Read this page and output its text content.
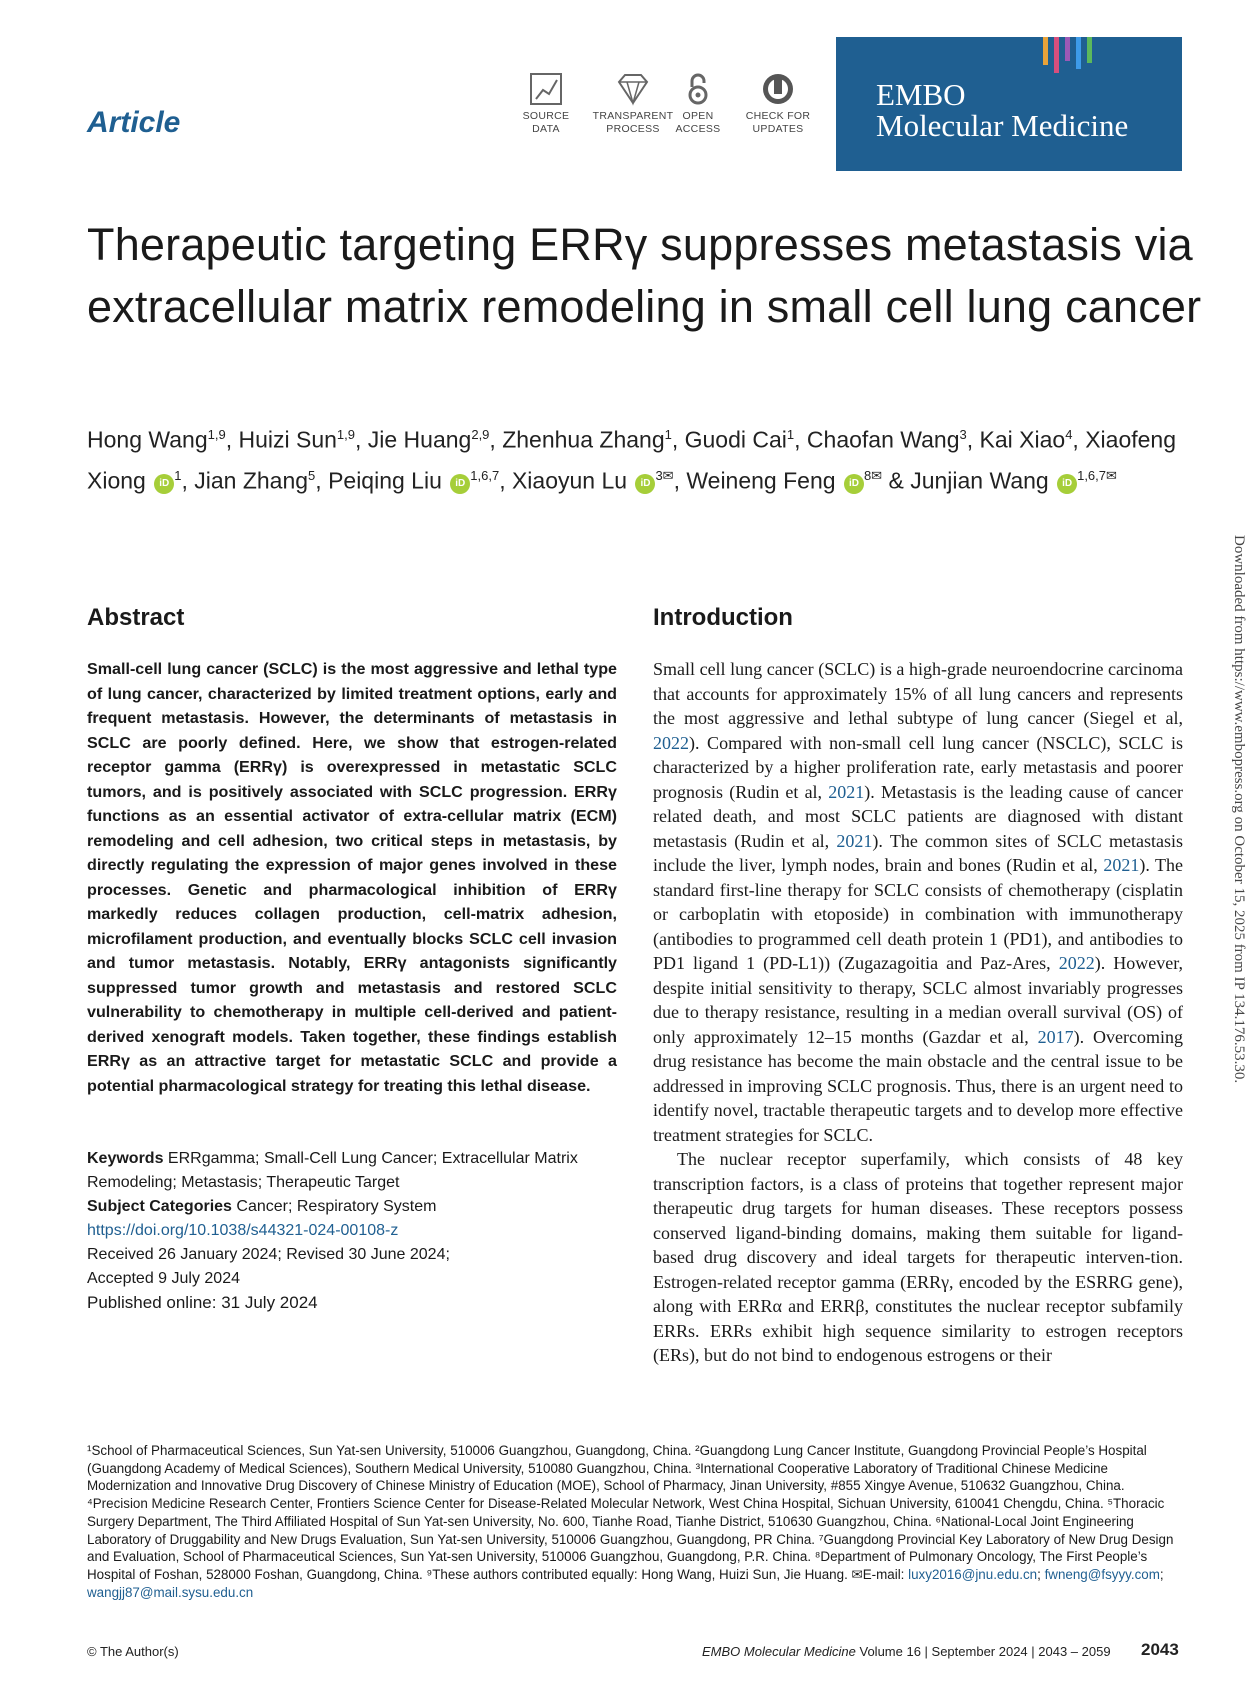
Article	SOURCE
DATA
TRANSPARENT
PROCESS
OPEN
ACCESS
CHECK FOR
UPDATES
EMBO
Molecular Medicine
Therapeutic targeting ERRγ suppresses metastasis via extracellular matrix remodeling in small cell lung cancer
Hong Wang$^{1,9}$, Huizi Sun$^{1,9}$, Jie Huang$^{2,9}$, Zhenhua Zhang$^1$, Guodi Cai$^1$, Chaofan Wang$^3$, Kai Xiao$^4$, Xiaofeng Xiong $iD^1$, Jian Zhang$^5$, Peiqing Liu iD$^{1,6,7}$, Xiaoyun Lu $iD^{3✉}$, Weineng Feng $iD^{8✉}$ & Junjian Wang $iD^{1,6,7✉}$
Downloaded from https://www.embopress.org on October 15, 2025 from IP 134.176.53.30.
Abstract
Small-cell lung cancer (SCLC) is the most aggressive and lethal type of lung cancer, characterized by limited treatment options, early and frequent metastasis. However, the determinants of metastasis in SCLC are poorly defined. Here, we show that estrogen-related receptor gamma (ERRγ) is overexpressed in metastatic SCLC tumors, and is positively associated with SCLC progression. ERRγ functions as an essential activator of extra-cellular matrix (ECM) remodeling and cell adhesion, two critical steps in metastasis, by directly regulating the expression of major genes involved in these processes. Genetic and pharmacological inhibition of ERRγ markedly reduces collagen production, cell-matrix adhesion, microfilament production, and eventually blocks SCLC cell invasion and tumor metastasis. Notably, ERRγ antagonists significantly suppressed tumor growth and metastasis and restored SCLC vulnerability to chemotherapy in multiple cell-derived and patient-derived xenograft models. Taken together, these findings establish ERRγ as an attractive target for metastatic SCLC and provide a potential pharmacological strategy for treating this lethal disease.
Keywords ERRgamma; Small-Cell Lung Cancer; Extracellular Matrix Remodeling; Metastasis; Therapeutic Target
Subject Categories Cancer; Respiratory System
https://doi.org/10.1038/s44321-024-00108-z
Received 26 January 2024; Revised 30 June 2024;
Accepted 9 July 2024
Published online: 31 July 2024
Introduction

Small cell lung cancer (SCLC) is a high-grade neuroendocrine carcinoma that accounts for approximately 15% of all lung cancers and represents the most aggressive and lethal subtype of lung cancer (Siegel et al, 2022). Compared with non-small cell lung cancer (NSCLC), SCLC is characterized by a higher proliferation rate, early metastasis and poorer prognosis (Rudin et al, 2021). Metastasis is the leading cause of cancer related death, and most SCLC patients are diagnosed with distant metastasis (Rudin et al, 2021). The common sites of SCLC metastasis include the liver, lymph nodes, brain and bones (Rudin et al, 2021). The standard first-line therapy for SCLC consists of chemotherapy (cisplatin or carboplatin with etoposide) in combination with immunotherapy (antibodies to programmed cell death protein 1 (PD1), and antibodies to PD1 ligand 1 (PD-L1)) (Zugazagoitia and Paz-Ares, 2022). However, despite initial sensitivity to therapy, SCLC almost invariably progresses due to therapy resistance, resulting in a median overall survival (OS) of only approximately 12–15 months (Gazdar et al, 2017). Overcoming drug resistance has become the main obstacle and the central issue to be addressed in improving SCLC prognosis. Thus, there is an urgent need to identify novel, tractable therapeutic targets and to develop more effective treatment strategies for SCLC.

The nuclear receptor superfamily, which consists of 48 key transcription factors, is a class of proteins that together represent major therapeutic drug targets for human diseases. These receptors possess conserved ligand-binding domains, making them suitable for ligand-based drug discovery and ideal targets for therapeutic interven-tion. Estrogen-related receptor gamma (ERRγ, encoded by the ESRRG gene), along with ERRα and ERRβ, constitutes the nuclear receptor subfamily ERRs. ERRs exhibit high sequence similarity to estrogen receptors (ERs), but do not bind to endogenous estrogens or their

¹School of Pharmaceutical Sciences, Sun Yat-sen University, 510006 Guangzhou, Guangdong, China. ²Guangdong Lung Cancer Institute, Guangdong Provincial People’s Hospital (Guangdong Academy of Medical Sciences), Southern Medical University, 510080 Guangzhou, China. ³International Cooperative Laboratory of Traditional Chinese Medicine Modernization and Innovative Drug Discovery of Chinese Ministry of Education (MOE), School of Pharmacy, Jinan University, #855 Xingye Avenue, 510632 Guangzhou, China. ⁴Precision Medicine Research Center, Frontiers Science Center for Disease-Related Molecular Network, West China Hospital, Sichuan University, 610041 Chengdu, China. ⁵Thoracic Surgery Department, The Third Affiliated Hospital of Sun Yat-sen University, No. 600, Tianhe Road, Tianhe District, 510630 Guangzhou, China. ⁶National-Local Joint Engineering Laboratory of Druggability and New Drugs Evaluation, Sun Yat-sen University, 510006 Guangzhou, Guangdong, PR China. ⁷Guangdong Provincial Key Laboratory of New Drug Design and Evaluation, School of Pharmaceutical Sciences, Sun Yat-sen University, 510006 Guangzhou, Guangdong, P.R. China. ⁸Department of Pulmonary Oncology, The First People’s Hospital of Foshan, 528000 Foshan, Guangdong, China. ⁹These authors contributed equally: Hong Wang, Huizi Sun, Jie Huang. ✉E-mail: luxy2016@jnu.edu.cn; fwneng@fsyyy.com; wangjj87@mail.sysu.edu.cn
© The Author(s)	EMBO Molecular Medicine Volume 16 | September 2024 | 2043 – 2059 2043
